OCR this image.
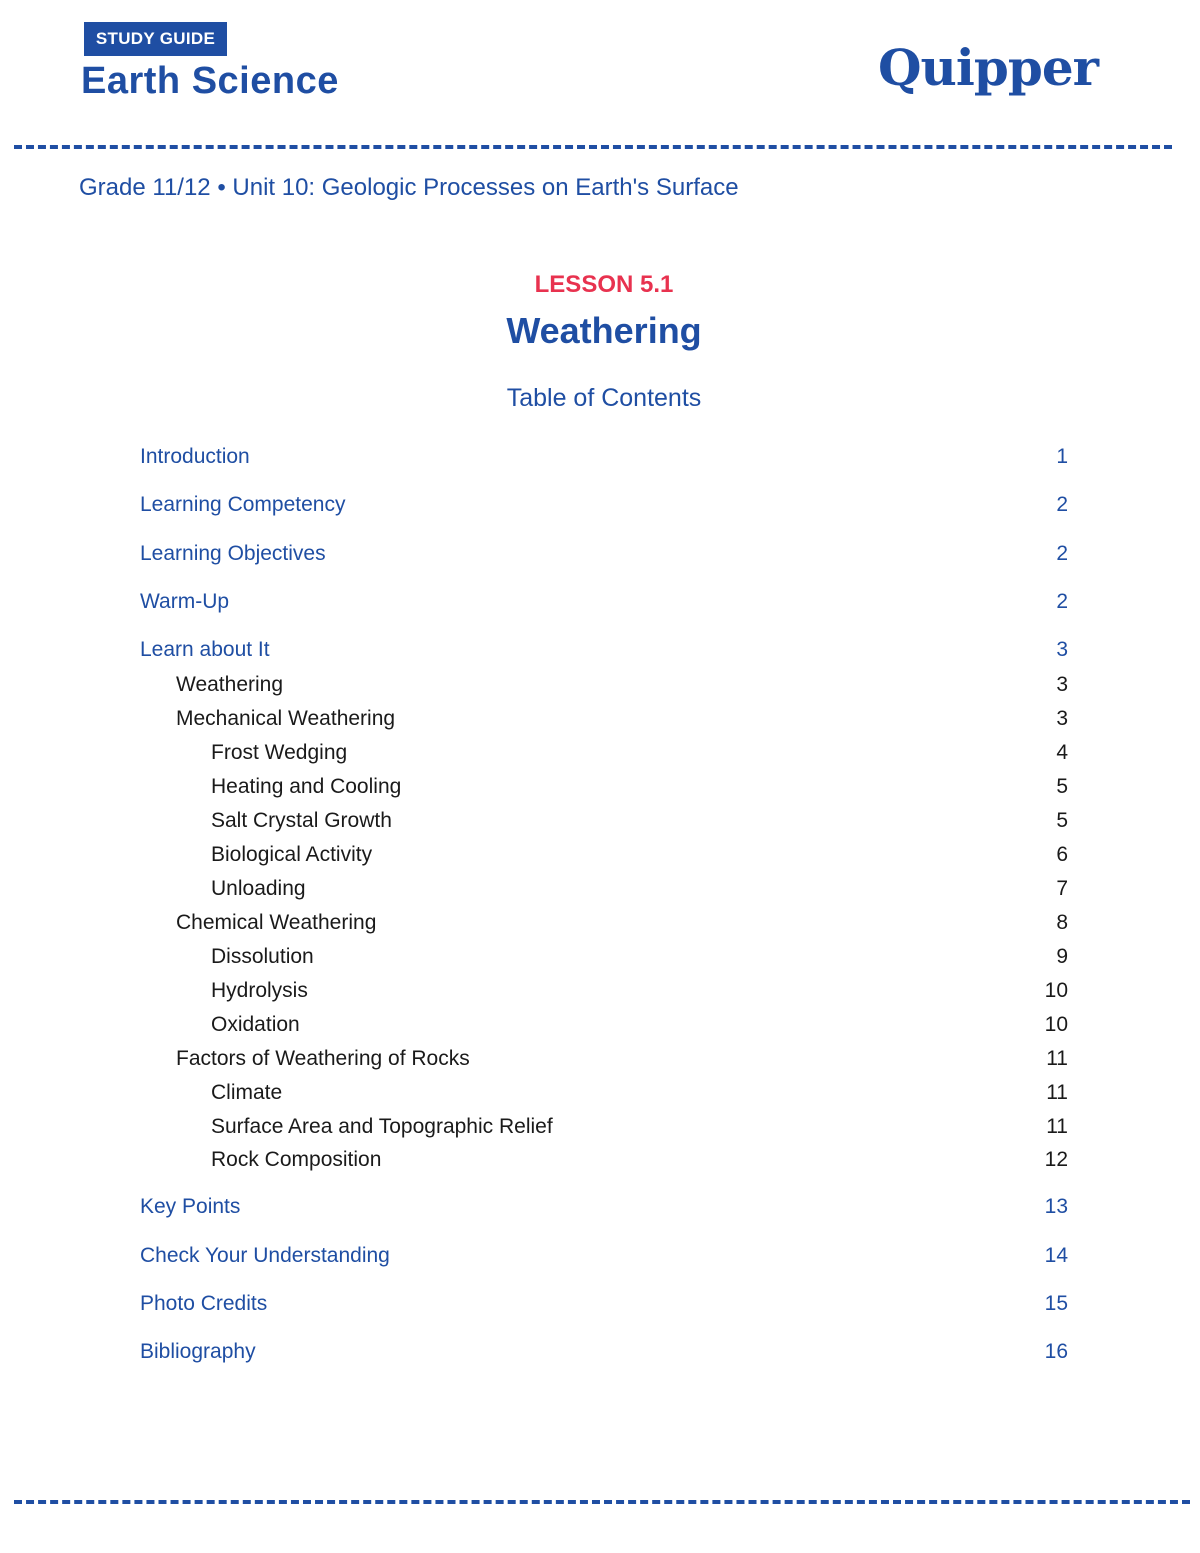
STUDY GUIDE
Earth Science	Quipper
Grade 11/12 • Unit 10: Geologic Processes on Earth's Surface
LESSON 5.1
Weathering
Table of Contents
Introduction	1
Learning Competency	2
Learning Objectives	2
Warm-Up	2
Learn about It	3
Weathering	3
Mechanical Weathering	3
Frost Wedging	4
Heating and Cooling	5
Salt Crystal Growth	5
Biological Activity	6
Unloading	7
Chemical Weathering	8
Dissolution	9
Hydrolysis	10
Oxidation	10
Factors of Weathering of Rocks	11
Climate	11
Surface Area and Topographic Relief	11
Rock Composition	12
Key Points	13
Check Your Understanding	14
Photo Credits	15
Bibliography	16
